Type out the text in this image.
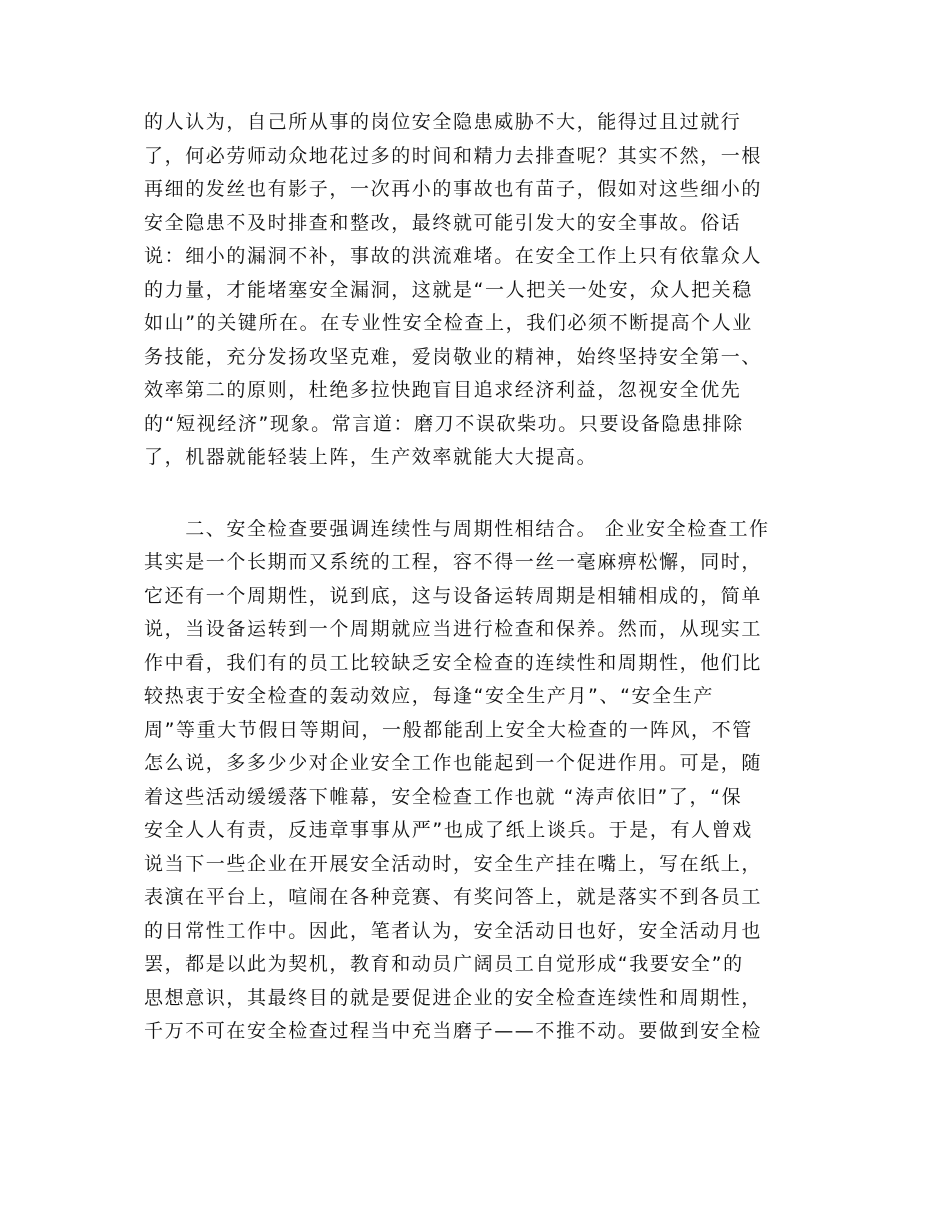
的人认为，自己所从事的岗位安全隐患威胁不大，能得过且过就行
了，何必劳师动众地花过多的时间和精力去排查呢？其实不然，一根
再细的发丝也有影子，一次再小的事故也有苗子，假如对这些细小的
安全隐患不及时排查和整改，最终就可能引发大的安全事故。俗话
说：细小的漏洞不补，事故的洪流难堵。在安全工作上只有依靠众人
的力量，才能堵塞安全漏洞，这就是“一人把关一处安，众人把关稳
如山”的关键所在。在专业性安全检查上，我们必须不断提高个人业
务技能，充分发扬攻坚克难，爱岗敬业的精神，始终坚持安全第一、
效率第二的原则，杜绝多拉快跑盲目追求经济利益，忽视安全优先
的“短视经济”现象。常言道：磨刀不误砍柴功。只要设备隐患排除
了，机器就能轻装上阵，生产效率就能大大提高。
　　二、安全检查要强调连续性与周期性相结合。 企业安全检查工作
其实是一个长期而又系统的工程，容不得一丝一毫麻痹松懈，同时，
它还有一个周期性，说到底，这与设备运转周期是相辅相成的，简单
说，当设备运转到一个周期就应当进行检查和保养。然而，从现实工
作中看，我们有的员工比较缺乏安全检查的连续性和周期性，他们比
较热衷于安全检查的轰动效应，每逢“安全生产月”、“安全生产
周”等重大节假日等期间，一般都能刮上安全大检查的一阵风，不管
怎么说，多多少少对企业安全工作也能起到一个促进作用。可是，随
着这些活动缓缓落下帷幕，安全检查工作也就 “涛声依旧”了，“保
安全人人有责，反违章事事从严”也成了纸上谈兵。于是，有人曾戏
说当下一些企业在开展安全活动时，安全生产挂在嘴上，写在纸上，
表演在平台上，喧闹在各种竞赛、有奖问答上，就是落实不到各员工
的日常性工作中。因此，笔者认为，安全活动日也好，安全活动月也
罢，都是以此为契机，教育和动员广阔员工自觉形成“我要安全”的
思想意识，其最终目的就是要促进企业的安全检查连续性和周期性，
千万不可在安全检查过程当中充当磨子——不推不动。要做到安全检
